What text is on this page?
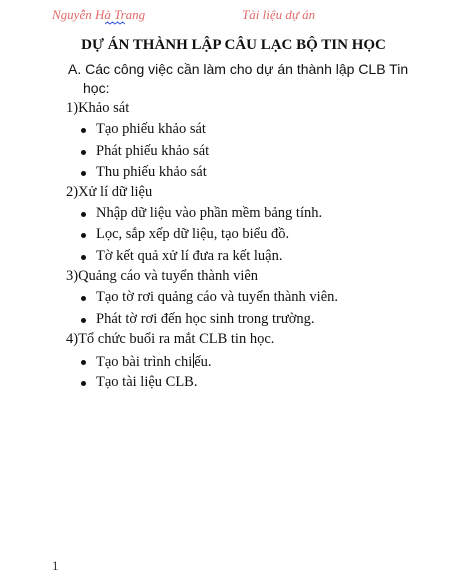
Nguyễn Hà Trang	Tài liệu dự án
DỰ ÁN THÀNH LẬP CÂU LẠC BỘ TIN HỌC
A. Các công việc cần làm cho dự án thành lập CLB Tin
học:
1)Khảo sát
Tạo phiếu khảo sát
Phát phiếu khảo sát
Thu phiếu khảo sát
2)Xử lí dữ liệu
Nhập dữ liệu vào phần mềm bảng tính.
Lọc, sắp xếp dữ liệu, tạo biểu đồ.
Tờ kết quả xử lí đưa ra kết luận.
3)Quảng cáo và tuyển thành viên
Tạo tờ rơi quảng cáo và tuyển thành viên.
Phát tờ rơi đến học sinh trong trường.
4)Tổ chức buổi ra mắt CLB tin học.
Tạo bài trình chi ếu.
Tạo tài liệu CLB.
1
